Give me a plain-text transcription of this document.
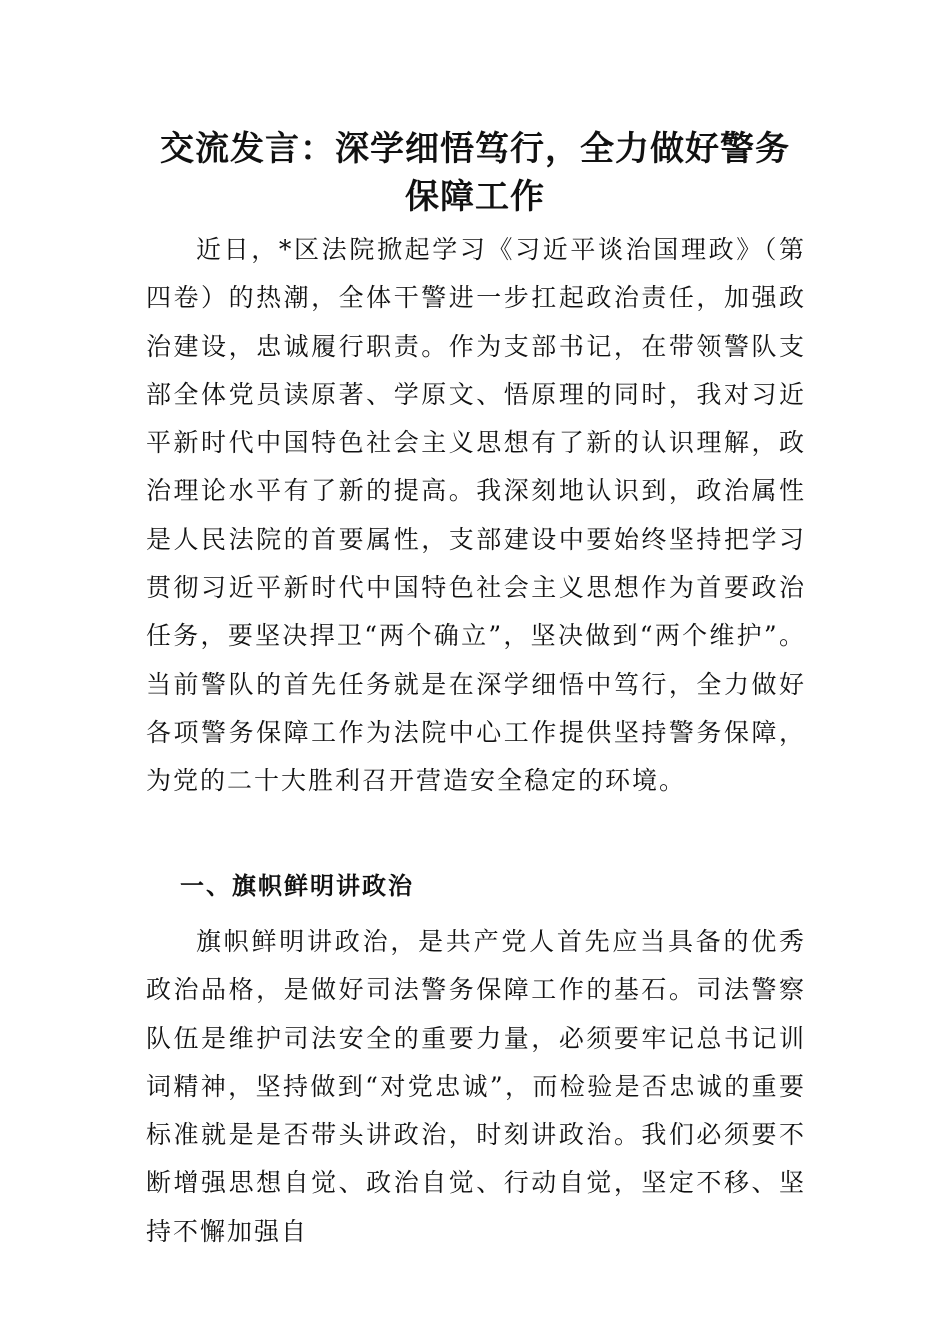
交流发言：深学细悟笃行，全力做好警务
保障工作
近日，*区法院掀起学习《习近平谈治国理政》（第四卷）的热潮，全体干警进一步扛起政治责任，加强政治建设，忠诚履行职责。作为支部书记，在带领警队支部全体党员读原著、学原文、悟原理的同时，我对习近平新时代中国特色社会主义思想有了新的认识理解，政治理论水平有了新的提高。我深刻地认识到，政治属性是人民法院的首要属性，支部建设中要始终坚持把学习贯彻习近平新时代中国特色社会主义思想作为首要政治任务，要坚决捍卫“两个确立”，坚决做到“两个维护”。当前警队的首先任务就是在深学细悟中笃行，全力做好各项警务保障工作为法院中心工作提供坚持警务保障，为党的二十大胜利召开营造安全稳定的环境。
一、旗帜鲜明讲政治
旗帜鲜明讲政治，是共产党人首先应当具备的优秀政治品格，是做好司法警务保障工作的基石。司法警察队伍是维护司法安全的重要力量，必须要牢记总书记训词精神，坚持做到“对党忠诚”，而检验是否忠诚的重要标准就是是否带头讲政治，时刻讲政治。我们必须要不断增强思想自觉、政治自觉、行动自觉，坚定不移、坚持不懈加强自
